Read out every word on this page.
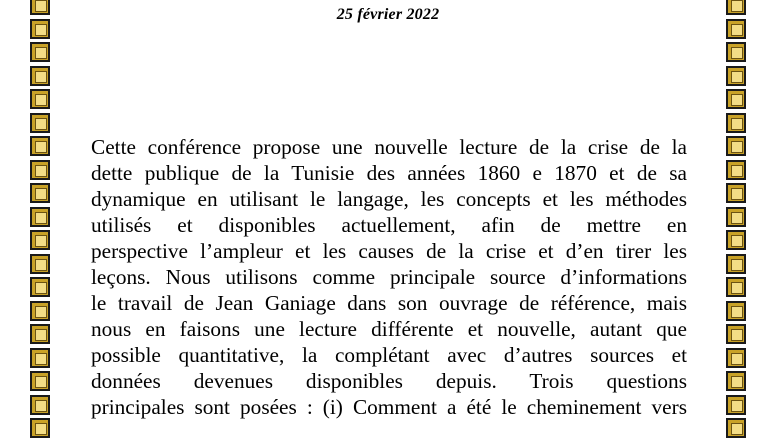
25 février 2022
Cette conférence propose une nouvelle lecture de la crise de la
dette publique de la Tunisie des années 1860 e 1870 et de sa
dynamique en utilisant le langage, les concepts et les méthodes
utilisés et disponibles actuellement, afin de mettre en
perspective l’ampleur et les causes de la crise et d’en tirer les
leçons. Nous utilisons comme principale source d’informations
le travail de Jean Ganiage dans son ouvrage de référence, mais
nous en faisons une lecture différente et nouvelle, autant que
possible quantitative, la complétant avec d’autres sources et
données devenues disponibles depuis. Trois questions
principales sont posées : (i) Comment a été le cheminement vers
